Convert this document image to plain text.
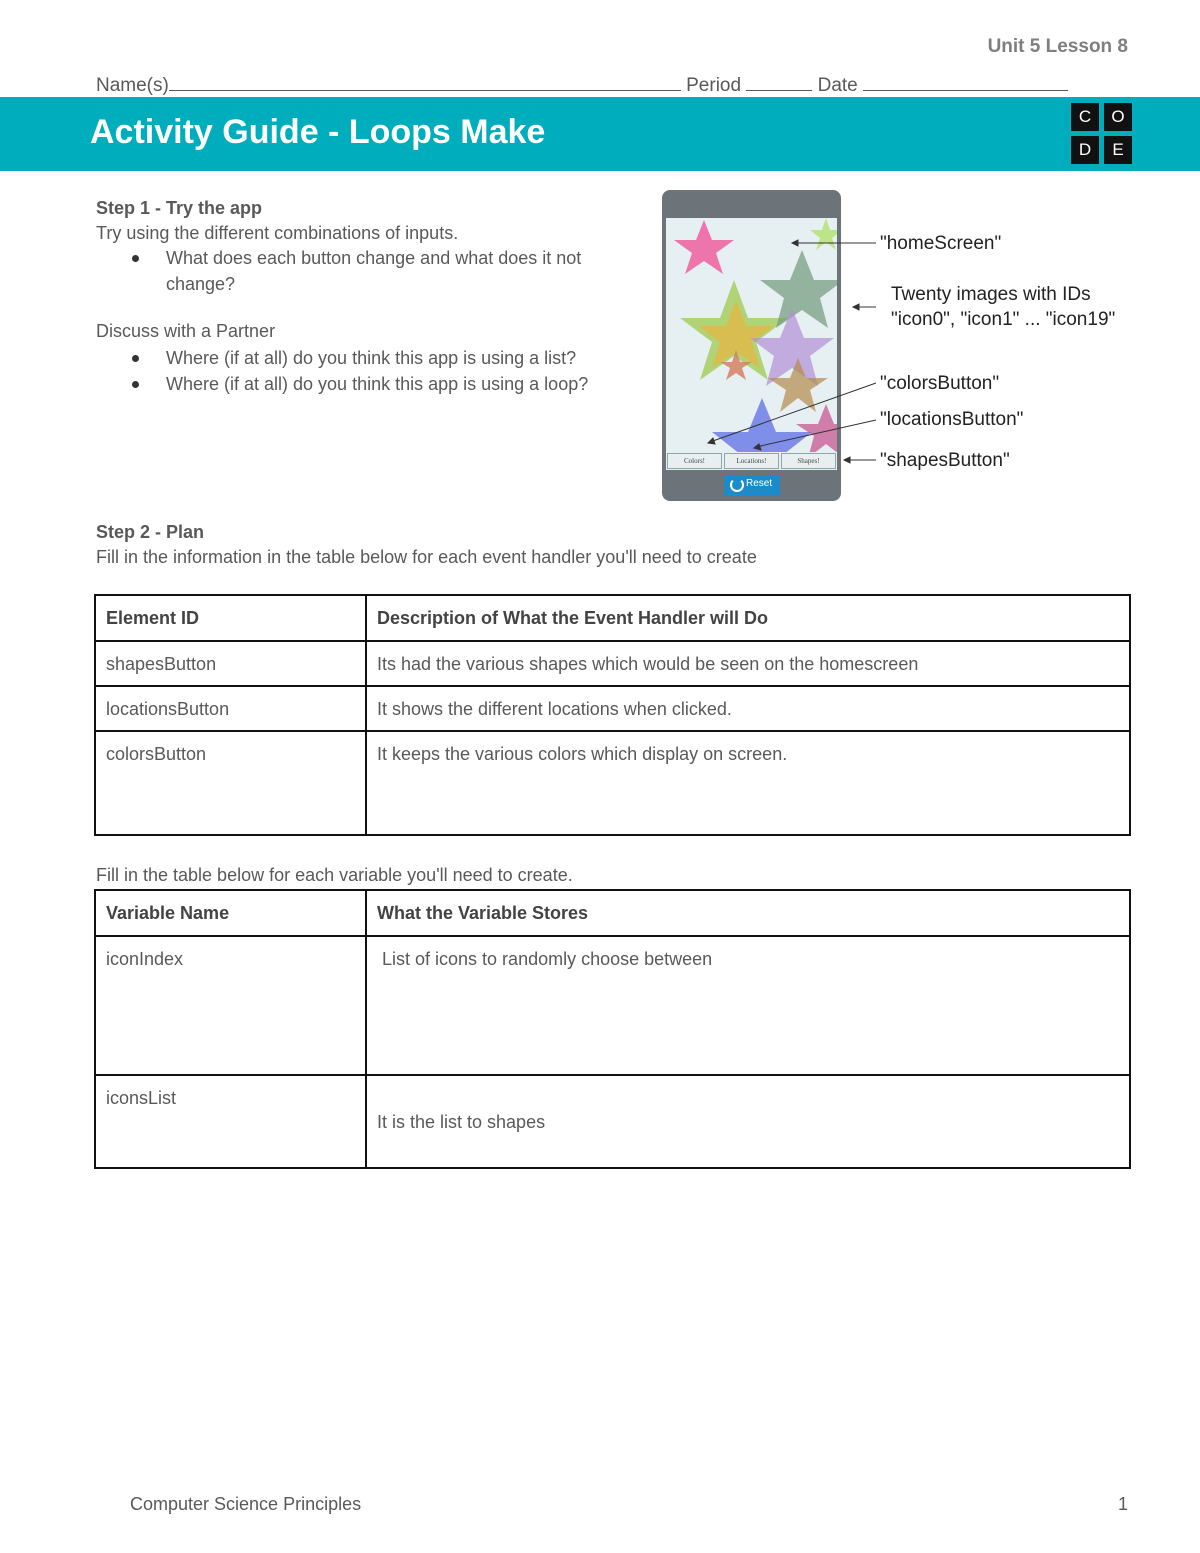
Unit 5 Lesson 8
Name(s)	Period	Date
Activity Guide - Loops Make	C	O
D	E
Step 1 - Try the app
Try using the different combinations of inputs.
What does each button change and what does it not change?
Discuss with a Partner
Where (if at all) do you think this app is using a list?
Where (if at all) do you think this app is using a loop?
Colors!	Locations!	Shapes!
Reset
"homeScreen"
Twenty images with IDs
"icon0", "icon1" ... "icon19"
"colorsButton"
"locationsButton"
"shapesButton"
Step 2 - Plan
Fill in the information in the table below for each event handler you'll need to create
Element ID	Description of What the Event Handler will Do
shapesButton	Its had the various shapes which would be seen on the homescreen
locationsButton	It shows the different locations when clicked.
colorsButton	It keeps the various colors which display on screen.
Fill in the table below for each variable you'll need to create.
Variable Name	What the Variable Stores
iconIndex	List of icons to randomly choose between
iconsList	It is the list to shapes
Computer Science Principles	1
